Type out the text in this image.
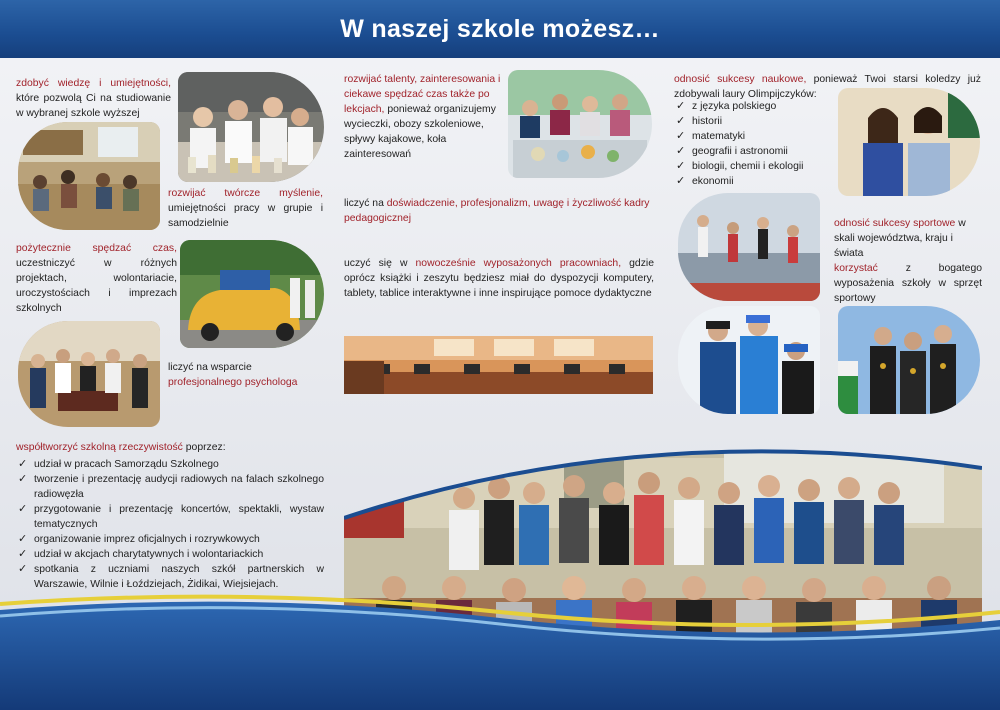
W naszej szkole możesz…
zdobyć wiedzę i umiejętności, które pozwolą Ci na studiowanie w wybranej szkole wyższej
rozwijać twórcze myślenie, umiejętności pracy w grupie i samodzielnie
pożytecznie spędzać czas, uczestniczyć w różnych projektach, wolontariacie, uroczystościach i imprezach szkolnych
liczyć na wsparcie profesjonalnego psychologa
rozwijać talenty, zainteresowania i ciekawe spędzać czas także po lekcjach, ponieważ organizujemy wycieczki, obozy szkoleniowe, spływy kajakowe, koła zainteresowań
liczyć na doświadczenie, profesjonalizm, uwagę i życzliwość kadry pedagogicznej
uczyć się w nowocześnie wyposażonych pracowniach, gdzie oprócz książki i zeszytu będziesz miał do dyspozycji komputery, tablety, tablice interaktywne i inne inspirujące pomoce dydaktyczne
odnosić sukcesy naukowe, ponieważ Twoi starsi koledzy już zdobywali laury Olimpijczyków:
✓ z języka polskiego
✓ historii
✓ matematyki
✓ geografii i astronomii
✓ biologii, chemii i ekologii
✓ ekonomii
odnosić sukcesy sportowe w skali województwa, kraju i świata
korzystać	z bogatego wyposażenia szkoły w sprzęt sportowy
współtworzyć szkolną rzeczywistość poprzez:
✓ udział w pracach Samorządu Szkolnego
✓ tworzenie i prezentację audycji radiowych na falach szkolnego radiowęzła
✓ przygotowanie i prezentację koncertów, spektakli, wystaw tematycznych
✓ organizowanie imprez oficjalnych i rozrywkowych
✓ udział w akcjach charytatywnych i wolontariackich
✓ spotkania z uczniami naszych szkół partnerskich w Warszawie, Wilnie i Łoździejach, Żidikai, Wiejsiejach.
